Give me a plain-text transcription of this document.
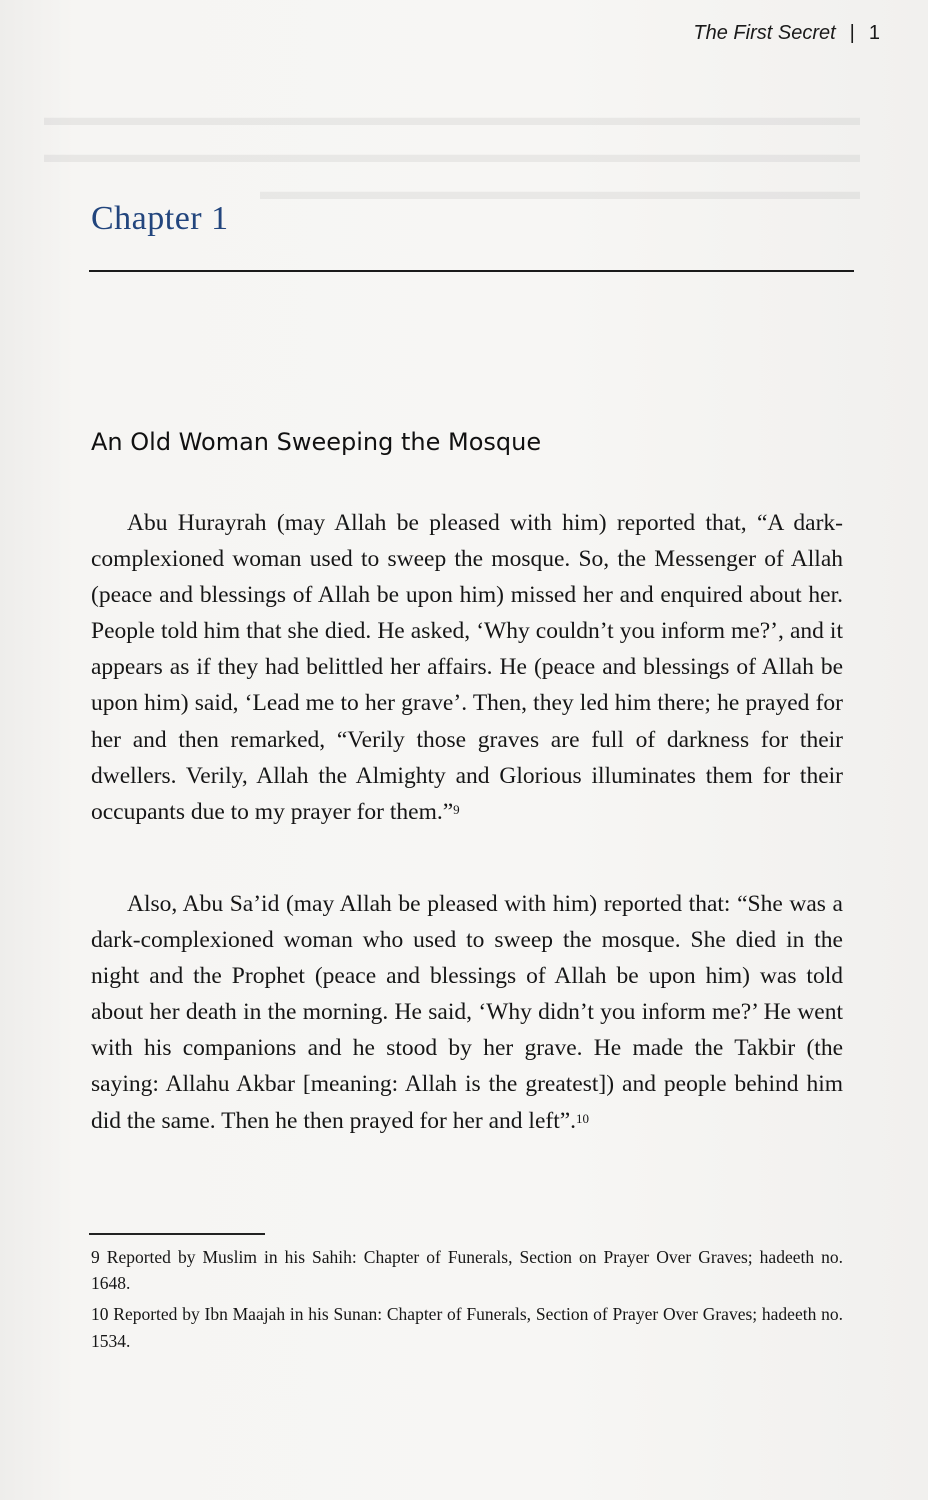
▬▬▬▬▬▬▬▬▬▬▬▬▬▬▬▬▬▬▬▬▬▬▬▬▬▬▬▬▬▬▬▬▬▬
▬▬▬▬▬▬▬▬▬▬▬▬▬▬▬▬▬▬▬▬▬▬▬▬▬▬▬▬▬▬▬▬▬▬
▬▬▬▬▬▬▬▬▬▬▬▬▬▬▬▬▬▬▬▬▬▬▬▬▬

The First Secret | 1
Chapter 1
An Old Woman Sweeping the Mosque

Abu Hurayrah (may Allah be pleased with him) reported that, “A dark-complexioned woman used to sweep the mosque. So, the Messenger of Allah (peace and blessings of Allah be upon him) missed her and enquired about her. People told him that she died. He asked, ‘Why couldn’t you inform me?’, and it appears as if they had belittled her affairs. He (peace and blessings of Allah be upon him) said, ‘Lead me to her grave’. Then, they led him there; he prayed for her and then remarked, “Verily those graves are full of darkness for their dwellers. Verily, Allah the Almighty and Glorious illuminates them for their occupants due to my prayer for them.”$^9$

Also, Abu Sa’id (may Allah be pleased with him) reported that: “She was a dark-complexioned woman who used to sweep the mosque. She died in the night and the Prophet (peace and blessings of Allah be upon him) was told about her death in the morning. He said, ‘Why didn’t you inform me?’ He went with his companions and he stood by her grave. He made the Takbir (the saying: Allahu Akbar [meaning: Allah is the greatest]) and people behind him did the same. Then he then prayed for her and left”.$^{10}$

9 Reported by Muslim in his Sahih: Chapter of Funerals, Section on Prayer Over Graves; hadeeth no. 1648.

10 Reported by Ibn Maajah in his Sunan: Chapter of Funerals, Section of Prayer Over Graves; hadeeth no. 1534.
